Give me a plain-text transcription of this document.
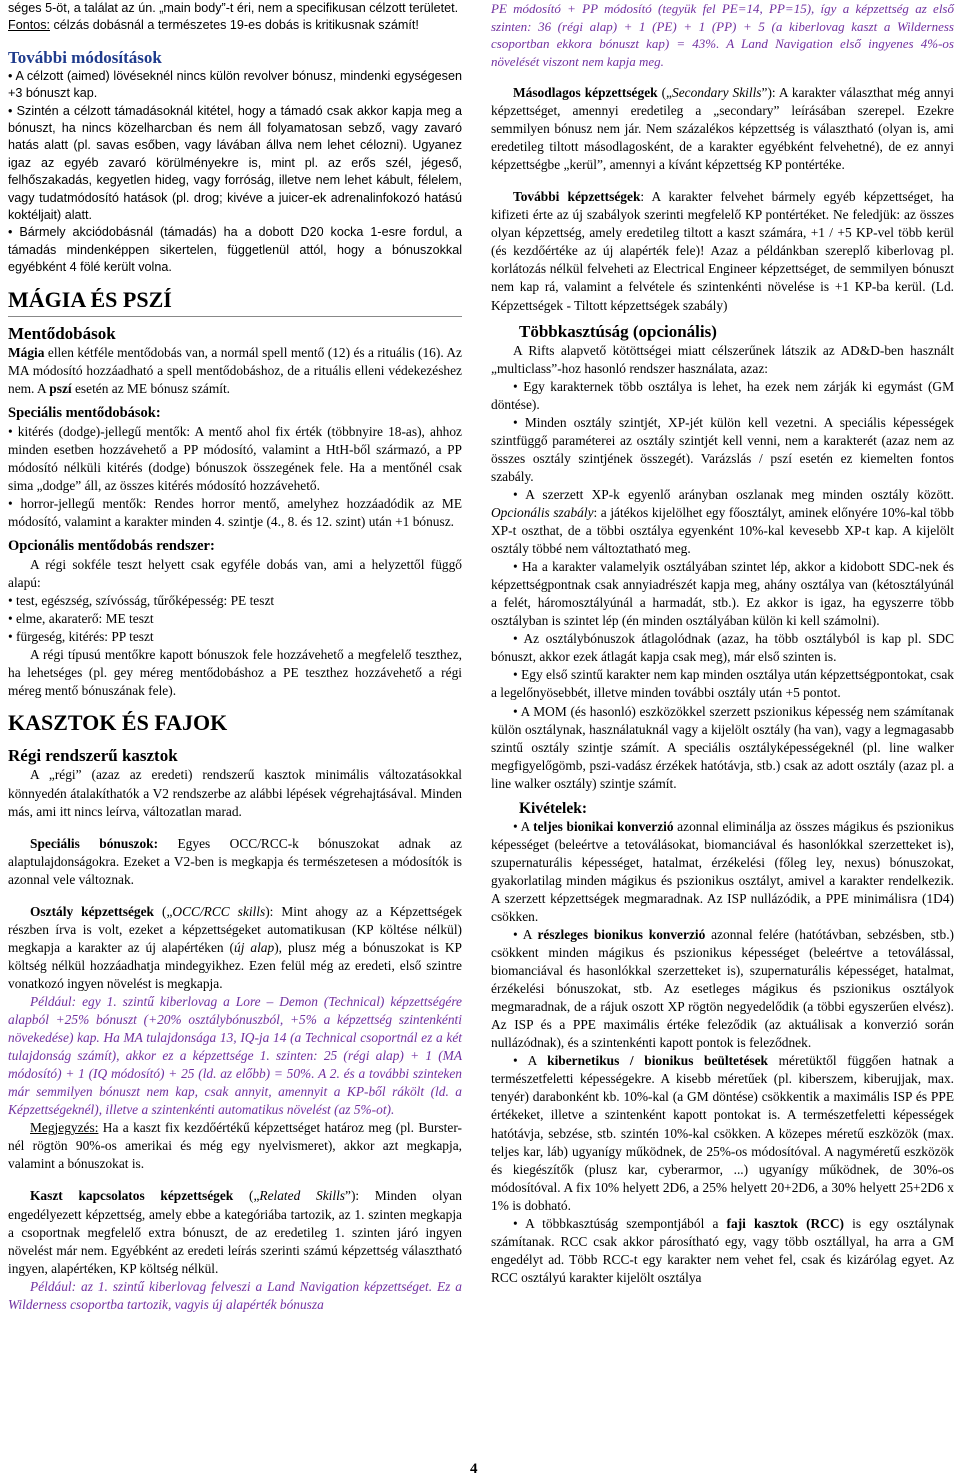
séges 5-öt, a találat az ún. „main body”-t éri, nem a specifikusan célzott területet.

Fontos: célzás dobásnál a természetes 19-es dobás is kritikusnak számít!

További módosítások

• A célzott (aimed) lövéseknél nincs külön revolver bónusz, mindenki egységesen +3 bónuszt kap.

• Szintén a célzott támadásoknál kitétel, hogy a támadó csak akkor kapja meg a bónuszt, ha nincs közelharcban és nem áll folyamatosan sebző, vagy zavaró hatás alatt (pl. savas esőben, vagy lávában állva nem lehet célozni). Ugyanez igaz az egyéb zavaró körülményekre is, mint pl. az erős szél, jégeső, felhőszakadás, kegyetlen hideg, vagy forróság, illetve nem lehet kábult, félelem, vagy tudatmódosító hatások (pl. drog; kivéve a juicer-ek adrenalinfokozó hatású koktéljait) alatt.

• Bármely akciódobásnál (támadás) ha a dobott D20 kocka 1-esre fordul, a támadás mindenképpen sikertelen, függetlenül attól, hogy a bónuszokkal egyébként 4 fölé került volna.

MÁGIA ÉS PSZÍ
Mentődobások

Mágia ellen kétféle mentődobás van, a normál spell mentő (12) és a rituális (16). Az MA módosító hozzáadható a spell mentődobáshoz, de a rituális elleni védekezéshez nem. A pszí esetén az ME bónusz számít.

Speciális mentődobások:

• kitérés (dodge)-jellegű mentők: A mentő ahol fix érték (többnyire 18-as), ahhoz minden esetben hozzávehető a PP módosító, valamint a HtH-ből származó, a PP módosító nélküli kitérés (dodge) bónuszok összegének fele. Ha a mentőnél csak sima „dodge” áll, az összes kitérés módosító hozzávehető.

• horror-jellegű mentők: Rendes horror mentő, amelyhez hozzáadódik az ME módosító, valamint a karakter minden 4. szintje (4., 8. és 12. szint) után +1 bónusz.

Opcionális mentődobás rendszer:

A régi sokféle teszt helyett csak egyféle dobás van, ami a helyzettől függő alapú:

• test, egészség, szívósság, tűrőképesség: PE teszt

• elme, akaraterő: ME teszt

• fürgeség, kitérés: PP teszt

A régi típusú mentőkre kapott bónuszok fele hozzávehető a megfelelő teszthez, ha lehetséges (pl. gey méreg mentődobáshoz a PE teszthez hozzávehető a régi méreg mentő bónuszának fele).

KASZTOK ÉS FAJOK
Régi rendszerű kasztok

A „régi” (azaz az eredeti) rendszerű kasztok minimális változatásokkal könnyedén átalakíthatók a V2 rendszerbe az alábbi lépések végrehajtásával. Minden más, ami itt nincs leírva, változatlan marad.

Speciális bónuszok: Egyes OCC/RCC-k bónuszokat adnak az alaptulajdonságokra. Ezeket a V2-ben is megkapja és természetesen a módosítók is azonnal vele változnak.

Osztály képzettségek („OCC/RCC skills): Mint ahogy az a Képzettségek részben írva is volt, ezeket a képzettségeket automatikusan (KP költése nélkül) megkapja a karakter az új alapértéken (új alap), plusz még a bónuszokat is KP költség nélkül hozzáadhatja mindegyikhez. Ezen felül még az eredeti, első szintre vonatkozó ingyen növelést is megkapja.

Például: egy 1. szintű kiberlovag a Lore – Demon (Technical) képzettségére alapból +25% bónuszt (+20% osztálybónuszból, +5% a képzettség szintenkénti növekedése) kap. Ha MA tulajdonsága 13, IQ-ja 14 (a Technical csoportnál ez a két tulajdonság számít), akkor ez a képzettsége 1. szinten: 25 (régi alap) + 1 (MA módosító) + 1 (IQ módosító) + 25 (ld. az előbb) = 50%. A 2. és a további szinteken már semmilyen bónuszt nem kap, csak annyit, amennyit a KP-ből rákölt (ld. a Képzettségeknél), illetve a szintenkénti automatikus növelést (az 5%-ot).

Megjegyzés: Ha a kaszt fix kezdőértékű képzettséget határoz meg (pl. Burster-nél rögtön 90%-os amerikai és még egy nyelvismeret), akkor azt megkapja, valamint a bónuszokat is.

Kaszt kapcsolatos képzettségek („Related Skills”): Minden olyan engedélyezett képzettség, amely ebbe a kategóriába tartozik, az 1. szinten megkapja a csoportnak megfelelő extra bónuszt, de az eredetileg 1. szinten járó ingyen növelést már nem. Egyébként az eredeti leírás szerinti számú képzettség választható ingyen, alapértéken, KP költség nélkül.

Például: az 1. szintű kiberlovag felveszi a Land Navigation képzettséget. Ez a Wilderness csoportba tartozik, vagyis új alapérték bónusza

PE módosító + PP módosító (tegyük fel PE=14, PP=15), így a képzettség az első szinten: 36 (régi alap) + 1 (PE) + 1 (PP) + 5 (a kiberlovag kaszt a Wilderness csoportban ekkora bónuszt kap) = 43%. A Land Navigation első ingyenes 4%-os növelését viszont nem kapja meg.

Másodlagos képzettségek („Secondary Skills”): A karakter választhat még annyi képzettséget, amennyi eredetileg a „secondary” leírásában szerepel. Ezekre semmilyen bónusz nem jár. Nem százalékos képzettség is választható (olyan is, ami eredetileg tiltott másodlagosként, de a karakter egyébként felvehetné), de ez annyi képzettségbe „kerül”, amennyi a kívánt képzettség KP pontértéke.

További képzettségek: A karakter felvehet bármely egyéb képzettséget, ha kifizeti érte az új szabályok szerinti megfelelő KP pontértéket. Ne feledjük: az összes olyan képzettség, amely eredetileg tiltott a kaszt számára, +1 / +5 KP-vel több kerül (és kezdőértéke az új alapérték fele)! Azaz a példánkban szereplő kiberlovag pl. korlátozás nélkül felveheti az Electrical Engineer képzettséget, de semmilyen bónuszt nem kap rá, valamint a felvétele és szintenkénti növelése is +1 KP-ba kerül. (Ld. Képzettségek - Tiltott képzettségek szabály)

Többkasztúság (opcionális)

A Rifts alapvető kötöttségei miatt célszerűnek látszik az AD&D-ben használt „multiclass”-hoz hasonló rendszer használata, azaz:

• Egy karakternek több osztálya is lehet, ha ezek nem zárják ki egymást (GM döntése).

• Minden osztály szintjét, XP-jét külön kell vezetni. A speciális képességek szintfüggő paraméterei az osztály szintjét kell venni, nem a karakterét (azaz nem az összes osztály szintjének összegét). Varázslás / pszí esetén ez kiemelten fontos szabály.

• A szerzett XP-k egyenlő arányban oszlanak meg minden osztály között. Opcionális szabály: a játékos kijelölhet egy főosztályt, aminek előnyére 10%-kal több XP-t oszthat, de a többi osztálya egyenként 10%-kal kevesebb XP-t kap. A kijelölt osztály többé nem változtatható meg.

• Ha a karakter valamelyik osztályában szintet lép, akkor a kidobott SDC-nek és képzettségpontnak csak annyiadrészét kapja meg, ahány osztálya van (kétosztályúnál a felét, háromosztályúnál a harmadát, stb.). Ez akkor is igaz, ha egyszerre több osztályban is szintet lép (én minden osztályában külön ki kell számolni).

• Az osztálybónuszok átlagolódnak (azaz, ha több osztályból is kap pl. SDC bónuszt, akkor ezek átlagát kapja csak meg), már első szinten is.

• Egy első szintű karakter nem kap minden osztálya után képzettségpontokat, csak a legelőnyösebbét, illetve minden további osztály után +5 pontot.

• A MOM (és hasonló) eszközökkel szerzett pszionikus képesség nem számítanak külön osztálynak, használatuknál vagy a kijelölt osztály (ha van), vagy a legmagasabb szintű osztály szintje számít. A speciális osztályképességeknél (pl. line walker megfigyelőgömb, pszi-vadász érzékek hatótávja, stb.) csak az adott osztály (azaz pl. a line walker osztály) szintje számít.

Kivételek:

• A teljes bionikai konverzió azonnal eliminálja az összes mágikus és pszionikus képességet (beleértve a tetoválásokat, biomanciával és hasonlókkal szerzetteket is), szupernaturális képességet, hatalmat, érzékelési (főleg ley, nexus) bónuszokat, gyakorlatilag minden mágikus és pszionikus osztályt, amivel a karakter rendelkezik. A szerzett képzettségek megmaradnak. Az ISP nullázódik, a PPE minimálisra (1D4) csökken.

• A részleges bionikus konverzió azonnal felére (hatótávban, sebzésben, stb.) csökkent minden mágikus és pszionikus képességet (beleértve a tetoválással, biomanciával és hasonlókkal szerzetteket is), szupernaturális képességet, hatalmat, érzékelési bónuszokat, stb. Az esetleges mágikus és pszionikus osztályok megmaradnak, de a rájuk oszott XP rögtön negyedelődik (a többi egyszerűen elvész). Az ISP és a PPE maximális értéke feleződik (az aktuálisak a konverzió során nullázódnak), és a szintenkénti kapott pontok is feleződnek.

• A kibernetikus / bionikus beültetések méretüktől függően hatnak a természetfeletti képességekre. A kisebb méretűek (pl. kiberszem, kiberujjak, max. tenyér) darabonként kb. 10%-kal (a GM döntése) csökkentik a maximális ISP és PPE értékeket, illetve a szintenként kapott pontokat is. A természetfeletti képességek hatótávja, sebzése, stb. szintén 10%-kal csökken. A közepes méretű eszközök (max. teljes kar, láb) ugyanígy működnek, de 25%-os módosítóval. A nagyméretű eszközök és kiegészítők (plusz kar, cyberarmor, ...) ugyanígy működnek, de 30%-os módosítóval. A fix 10% helyett 2D6, a 25% helyett 20+2D6, a 30% helyett 25+2D6 x 1% is dobható.

• A többkasztúság szempontjából a faji kasztok (RCC) is egy osztálynak számítanak. RCC csak akkor párosítható egy, vagy több osztállyal, ha arra a GM engedélyt ad. Több RCC-t egy karakter nem vehet fel, csak és kizárólag egyet. Az RCC osztályú karakter kijelölt osztálya

4
